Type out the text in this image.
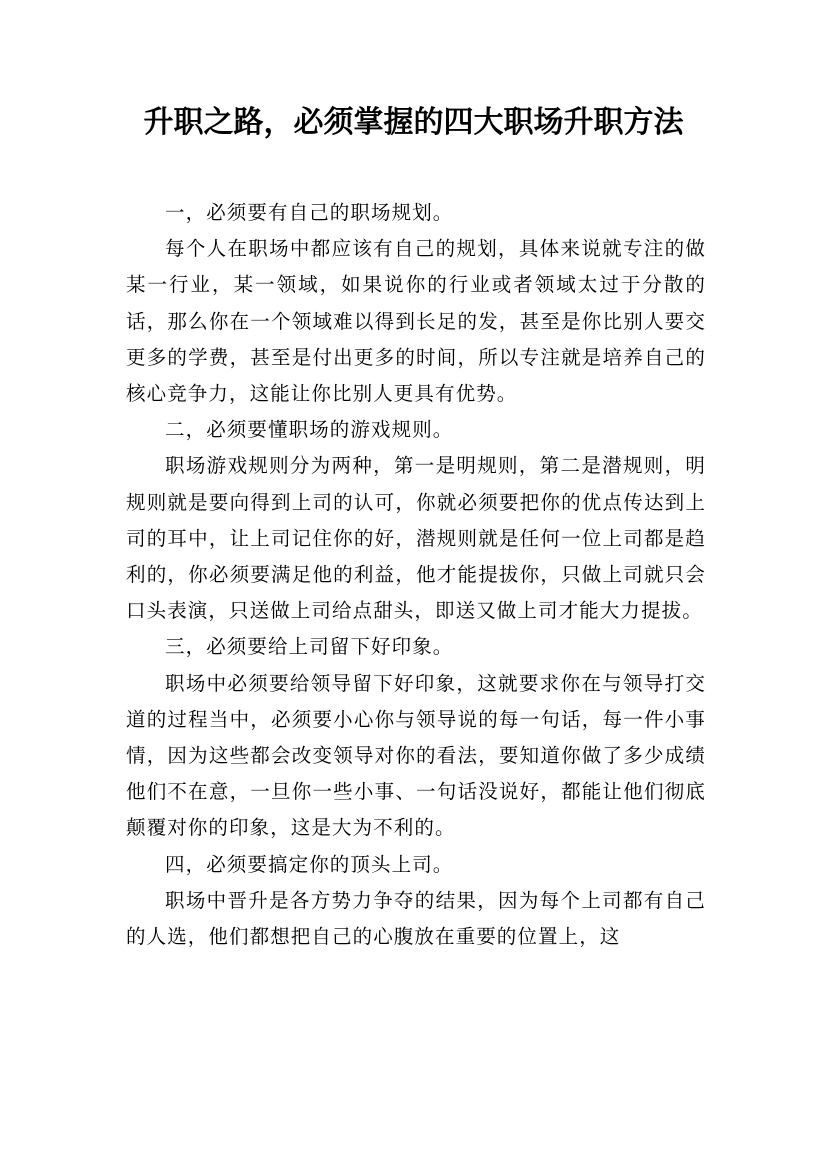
升职之路，必须掌握的四大职场升职方法

一，必须要有自己的职场规划。

每个人在职场中都应该有自己的规划，具体来说就专注的做某一行业，某一领域，如果说你的行业或者领域太过于分散的话，那么你在一个领域难以得到长足的发，甚至是你比别人要交更多的学费，甚至是付出更多的时间，所以专注就是培养自己的核心竞争力，这能让你比别人更具有优势。

二，必须要懂职场的游戏规则。

职场游戏规则分为两种，第一是明规则，第二是潜规则，明规则就是要向得到上司的认可，你就必须要把你的优点传达到上司的耳中，让上司记住你的好，潜规则就是任何一位上司都是趋利的，你必须要满足他的利益，他才能提拔你，只做上司就只会口头表演，只送做上司给点甜头，即送又做上司才能大力提拔。

三，必须要给上司留下好印象。

职场中必须要给领导留下好印象，这就要求你在与领导打交道的过程当中，必须要小心你与领导说的每一句话，每一件小事情，因为这些都会改变领导对你的看法，要知道你做了多少成绩他们不在意，一旦你一些小事、一句话没说好，都能让他们彻底颠覆对你的印象，这是大为不利的。

四，必须要搞定你的顶头上司。

职场中晋升是各方势力争夺的结果，因为每个上司都有自己的人选，他们都想把自己的心腹放在重要的位置上，这
